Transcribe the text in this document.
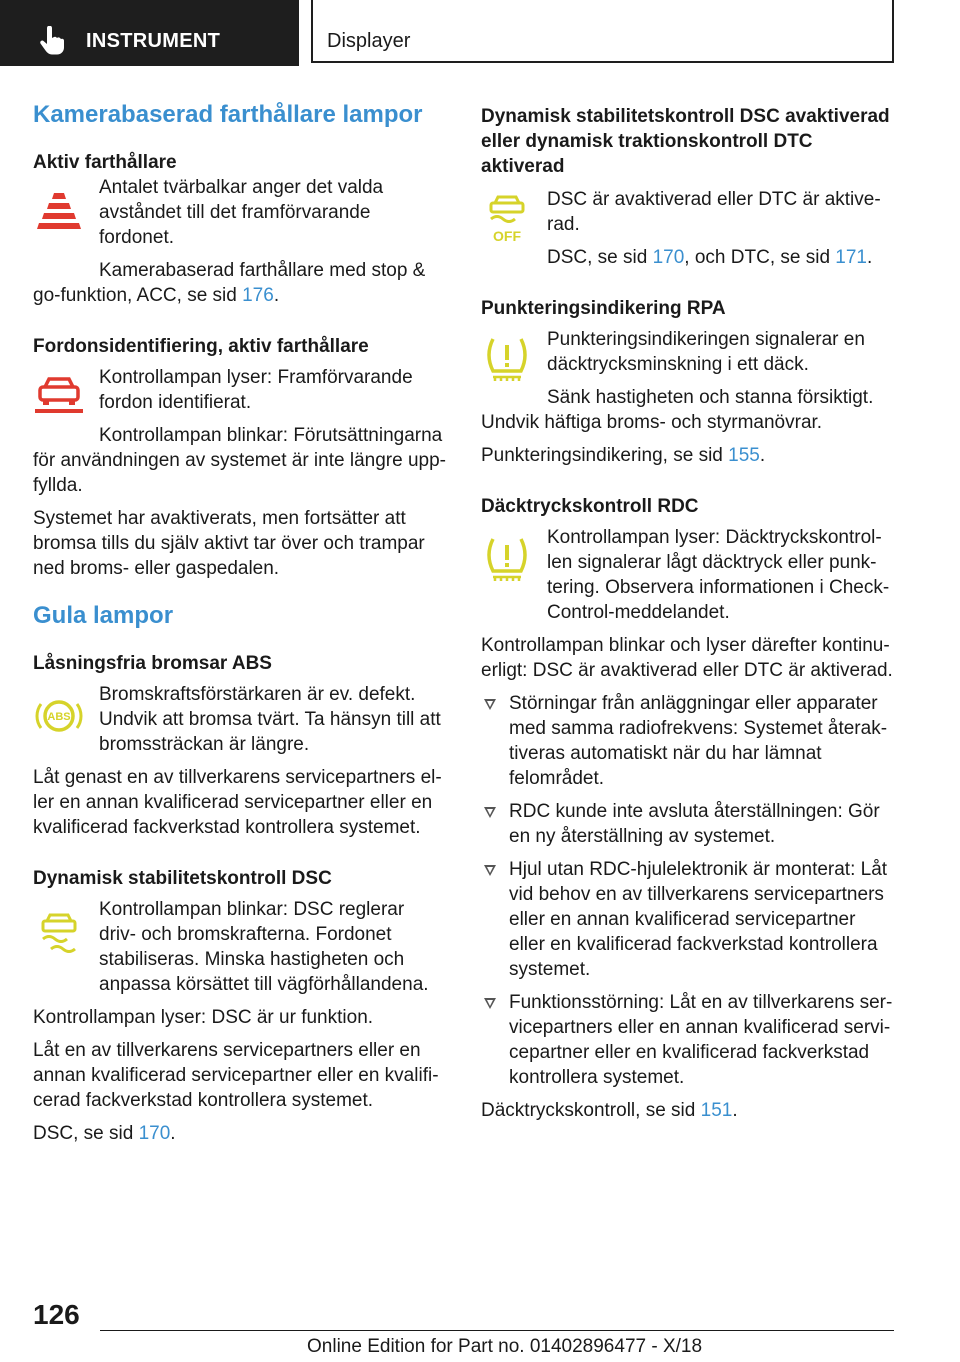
INSTRUMENT	Displayer
Kamerabaserad farthållare lampor
Aktiv farthållare

Antalet tvärbalkar anger det valda avståndet till det framförvarande fordonet.

Kamerabaserad farthållare med stop & go-funktion, ACC, se sid 176.

Fordonsidentifiering, aktiv farthållare

Kontrollampan lyser: Framförvarande fordon identifierat.

Kontrollampan blinkar: Förutsättningarna för användningen av systemet är inte längre uppfyllda.

Systemet har avaktiverats, men fortsätter att bromsa tills du själv aktivt tar över och trampar ned broms- eller gaspedalen.

Gula lampor
Låsningsfria bromsar ABS
ABS

Bromskraftsförstärkaren är ev. defekt. Undvik att bromsa tvärt. Ta hänsyn till att bromssträckan är längre.

Låt genast en av tillverkarens servicepartners eller en annan kvalificerad servicepartner eller en kvalificerad fackverkstad kontrollera systemet.

Dynamisk stabilitetskontroll DSC

Kontrollampan blinkar: DSC reglerar driv- och bromskrafterna. Fordonet stabiliseras. Minska hastigheten och anpassa körsättet till vägförhållandena.

Kontrollampan lyser: DSC är ur funktion.

Låt en av tillverkarens servicepartners eller en annan kvalificerad servicepartner eller en kvalificerad fackverkstad kontrollera systemet.

DSC, se sid 170.

Dynamisk stabilitetskontroll DSC avaktiverad eller dynamisk traktionskontroll DTC aktiverad
OFF

DSC är avaktiverad eller DTC är aktiverad.

DSC, se sid 170, och DTC, se sid 171.

Punkteringsindikering RPA

Punkteringsindikeringen signalerar en däcktrycksminskning i ett däck.

Sänk hastigheten och stanna försiktigt. Undvik häftiga broms- och styrmanövrar.

Punkteringsindikering, se sid 155.

Däcktryckskontroll RDC

Kontrollampan lyser: Däcktryckskontrollen signalerar lågt däcktryck eller punktering. Observera informationen i Check-Control-meddelandet.

Kontrollampan blinkar och lyser därefter kontinuerligt: DSC är avaktiverad eller DTC är aktiverad.

Störningar från anläggningar eller apparater med samma radiofrekvens: Systemet återaktiveras automatiskt när du har lämnat felområdet.
RDC kunde inte avsluta återställningen: Gör en ny återställning av systemet.
Hjul utan RDC-hjulelektronik är monterat: Låt vid behov en av tillverkarens servicepartners eller en annan kvalificerad servicepartner eller en kvalificerad fackverkstad kontrollera systemet.
Funktionsstörning: Låt en av tillverkarens servicepartners eller en annan kvalificerad servicepartner eller en kvalificerad fackverkstad kontrollera systemet.

Däcktryckskontroll, se sid 151.

126
Online Edition for Part no. 01402896477 - X/18
